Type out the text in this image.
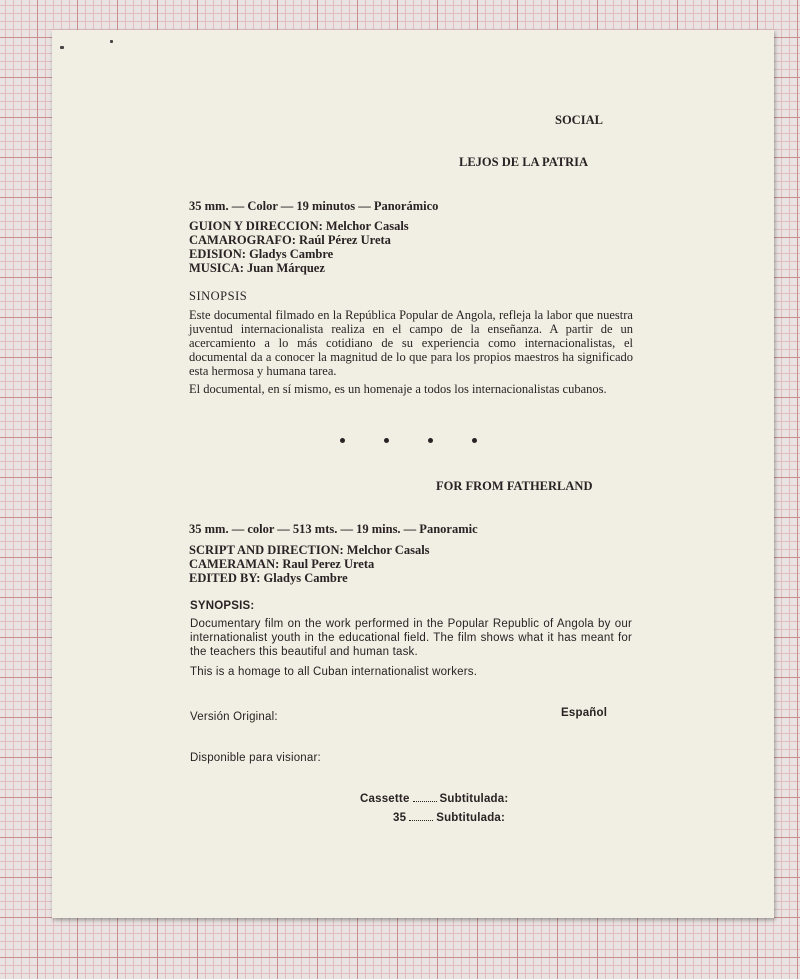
SOCIAL
LEJOS DE LA PATRIA
35 mm. — Color — 19 minutos — Panorámico
GUION Y DIRECCION: Melchor Casals
CAMAROGRAFO: Raúl Pérez Ureta
EDISION: Gladys Cambre
MUSICA: Juan Márquez
SINOPSIS
Este documental filmado en la República Popular de Angola, refleja la labor que nuestra juventud internacionalista realiza en el campo de la enseñanza. A partir de un acercamiento a lo más cotidiano de su experiencia como internacionalistas, el documental da a conocer la magnitud de lo que para los propios maestros ha significado esta hermosa y humana tarea.
El documental, en sí mismo, es un homenaje a todos los internacionalistas cubanos.
FOR FROM FATHERLAND
35 mm. — color — 513 mts. — 19 mins. — Panoramic
SCRIPT AND DIRECTION: Melchor Casals
CAMERAMAN: Raul Perez Ureta
EDITED BY: Gladys Cambre
SYNOPSIS:
Documentary film on the work performed in the Popular Republic of Angola by our internationalist youth in the educational field. The film shows what it has meant for the teachers this beautiful and human task.
This is a homage to all Cuban internationalist workers.
Versión Original:	Español
Disponible para visionar:
Cassette	Subtitulada:
35	Subtitulada:
